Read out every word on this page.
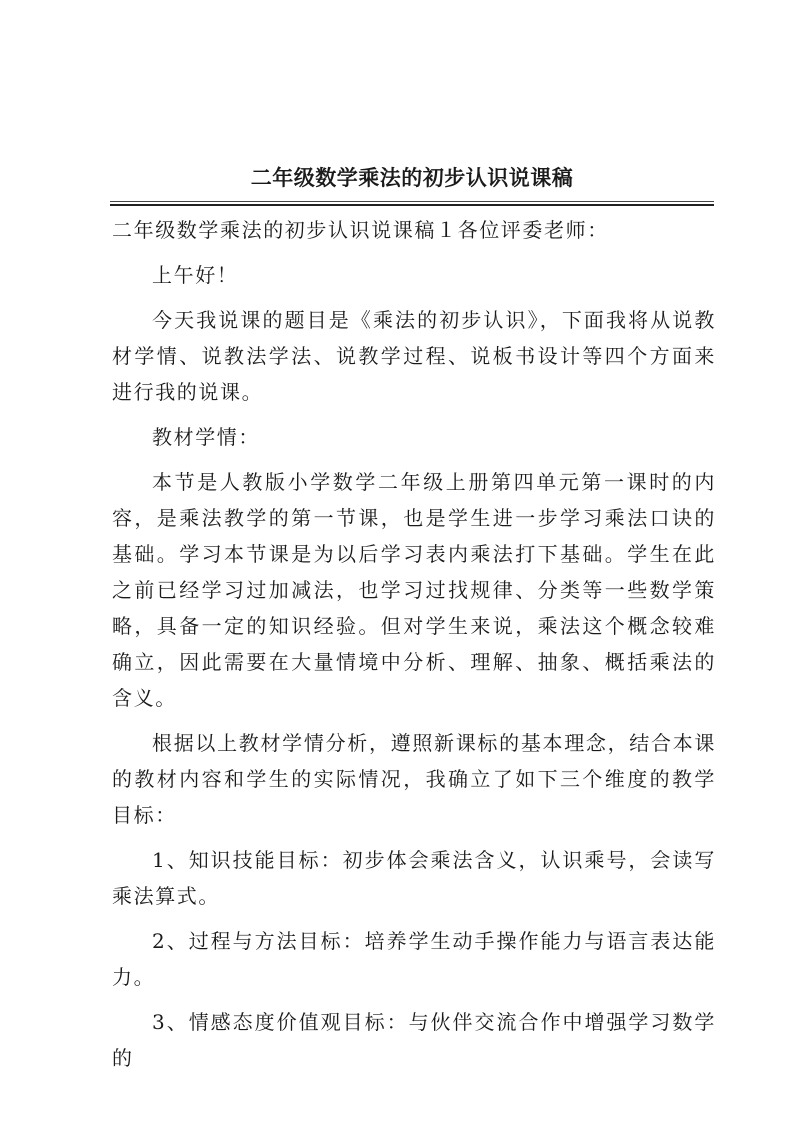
二年级数学乘法的初步认识说课稿

二年级数学乘法的初步认识说课稿１各位评委老师：

上午好！

今天我说课的题目是《乘法的初步认识》，下面我将从说教材学情、说教法学法、说教学过程、说板书设计等四个方面来进行我的说课。

教材学情：

本节是人教版小学数学二年级上册第四单元第一课时的内容，是乘法教学的第一节课，也是学生进一步学习乘法口诀的基础。学习本节课是为以后学习表内乘法打下基础。学生在此之前已经学习过加减法，也学习过找规律、分类等一些数学策略，具备一定的知识经验。但对学生来说，乘法这个概念较难确立，因此需要在大量情境中分析、理解、抽象、概括乘法的含义。

根据以上教材学情分析，遵照新课标的基本理念，结合本课的教材内容和学生的实际情况，我确立了如下三个维度的教学目标：

1、知识技能目标：初步体会乘法含义，认识乘号，会读写乘法算式。

2、过程与方法目标：培养学生动手操作能力与语言表达能力。

3、情感态度价值观目标：与伙伴交流合作中增强学习数学的
